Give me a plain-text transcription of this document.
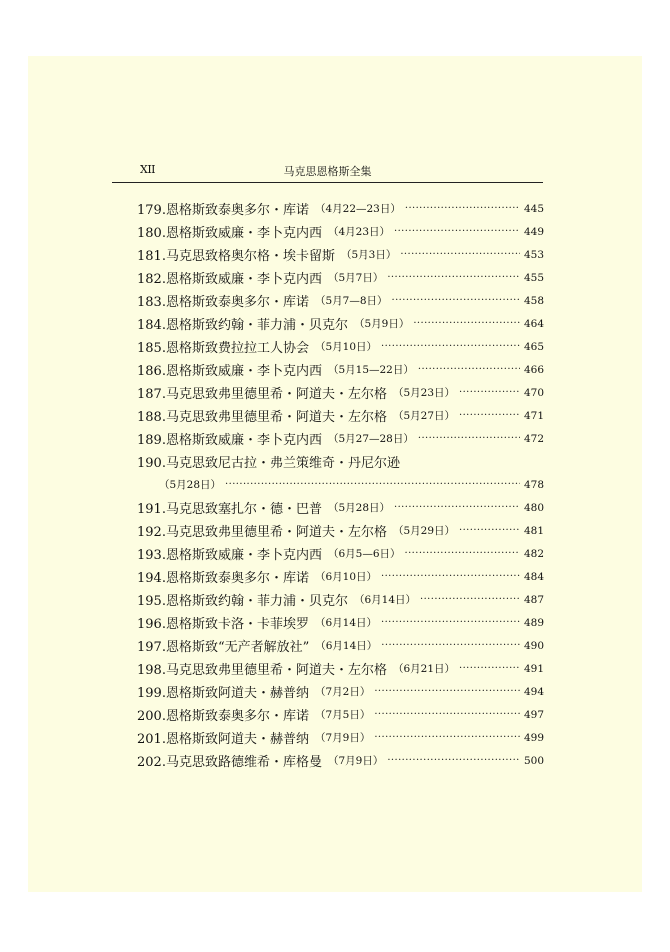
XII	马克思恩格斯全集
179.恩格斯致泰奥多尔・库诺 （4月22—23日） ·····	445
180.恩格斯致威廉・李卜克内西 （4月23日） ·····	449
181.马克思致格奥尔格・埃卡留斯 （5月3日） ·····	453
182.恩格斯致威廉・李卜克内西 （5月7日） ·····	455
183.恩格斯致泰奥多尔・库诺 （5月7—8日） ·····	458
184.恩格斯致约翰・菲力浦・贝克尔 （5月9日） ·····	464
185.恩格斯致费拉拉工人协会 （5月10日） ·····	465
186.恩格斯致威廉・李卜克内西 （5月15—22日） ·····	466
187.马克思致弗里德里希・阿道夫・左尔格 （5月23日） ·····	470
188.马克思致弗里德里希・阿道夫・左尔格 （5月27日） ·····	471
189.恩格斯致威廉・李卜克内西 （5月27—28日） ·····	472
190.马克思致尼古拉・弗兰策维奇・丹尼尔逊
（5月28日） ·····	478
191.马克思致塞扎尔・德・巴普 （5月28日） ·····	480
192.马克思致弗里德里希・阿道夫・左尔格 （5月29日） ·····	481
193.恩格斯致威廉・李卜克内西 （6月5—6日） ·····	482
194.恩格斯致泰奥多尔・库诺 （6月10日） ·····	484
195.恩格斯致约翰・菲力浦・贝克尔 （6月14日） ·····	487
196.恩格斯致卡洛・卡菲埃罗 （6月14日） ·····	489
197.恩格斯致“无产者解放社” （6月14日） ·····	490
198.马克思致弗里德里希・阿道夫・左尔格 （6月21日） ·····	491
199.恩格斯致阿道夫・赫普纳 （7月2日） ·····	494
200.恩格斯致泰奥多尔・库诺 （7月5日） ·····	497
201.恩格斯致阿道夫・赫普纳 （7月9日） ·····	499
202.马克思致路德维希・库格曼 （7月9日） ·····	500
